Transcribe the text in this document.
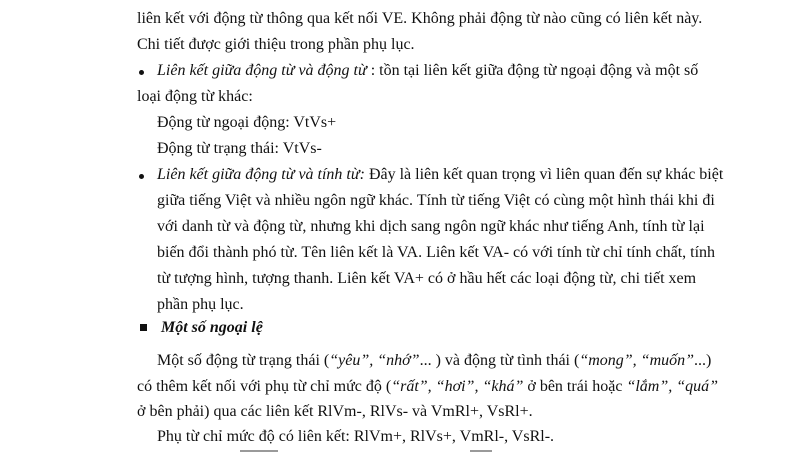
liên kết với động từ thông qua kết nối VE. Không phải động từ nào cũng có liên kết này.
Chi tiết được giới thiệu trong phần phụ lục.
Liên kết giữa động từ và động từ : tồn tại liên kết giữa động từ ngoại động và một số
loại động từ khác:
Động từ ngoại động: VtVs+
Động từ trạng thái: VtVs-
Liên kết giữa động từ và tính từ: Đây là liên kết quan trọng vì liên quan đến sự khác biệt
giữa tiếng Việt và nhiều ngôn ngữ khác. Tính từ tiếng Việt có cùng một hình thái khi đi
với danh từ và động từ, nhưng khi dịch sang ngôn ngữ khác như tiếng Anh, tính từ lại
biến đổi thành phó từ. Tên liên kết là VA. Liên kết VA- có với tính từ chỉ tính chất, tính
từ tượng hình, tượng thanh. Liên kết VA+ có ở hầu hết các loại động từ, chi tiết xem
phần phụ lục.
Một số ngoại lệ
Một số động từ trạng thái (“yêu”, “nhớ”... ) và động từ tình thái (“mong”, “muốn”...)
có thêm kết nối với phụ từ chỉ mức độ (“rất”, “hơi”, “khá” ở bên trái hoặc “lắm”, “quá”
ở bên phải) qua các liên kết RlVm-, RlVs- và VmRl+, VsRl+.
Phụ từ chỉ mức độ có liên kết: RlVm+, RlVs+, VmRl-, VsRl-.
